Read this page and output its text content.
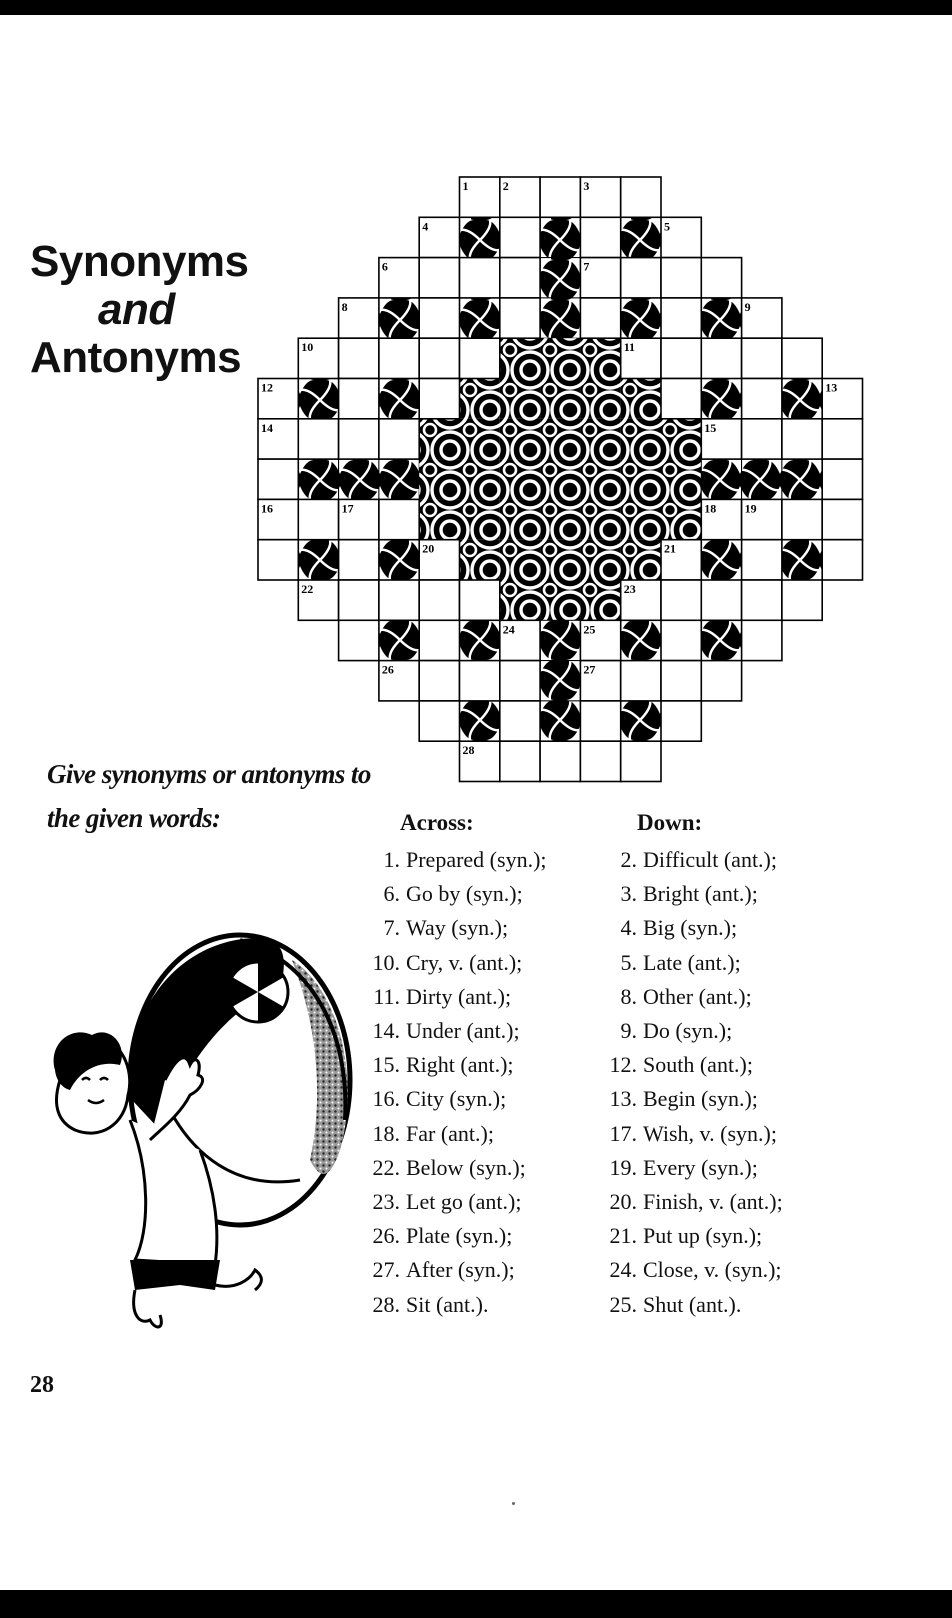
Synonyms
and
Antonyms
1	2	3
4	5
6	7
8	9
10	11
12	13
14	15
16	17	18 19
20	21
22	23
24	25
26	27
28
Give synonyms or antonyms to
the given words:	Across:
1. Prepared (syn.);
6. Go by (syn.);
7. Way (syn.);
10. Cry, v. (ant.);
11. Dirty (ant.);
14. Under (ant.);
15. Right (ant.);
16. City (syn.);
18. Far (ant.);
22. Below (syn.);
23. Let go (ant.);
26. Plate (syn.);
27. After (syn.);
28. Sit (ant.).
Down:
2. Difficult (ant.);
3. Bright (ant.);
4. Big (syn.);
5. Late (ant.);
8. Other (ant.);
9. Do (syn.);
12. South (ant.);
13. Begin (syn.);
17. Wish, v. (syn.);
19. Every (syn.);
20. Finish, v. (ant.);
21. Put up (syn.);
24. Close, v. (syn.);
25. Shut (ant.).
28
